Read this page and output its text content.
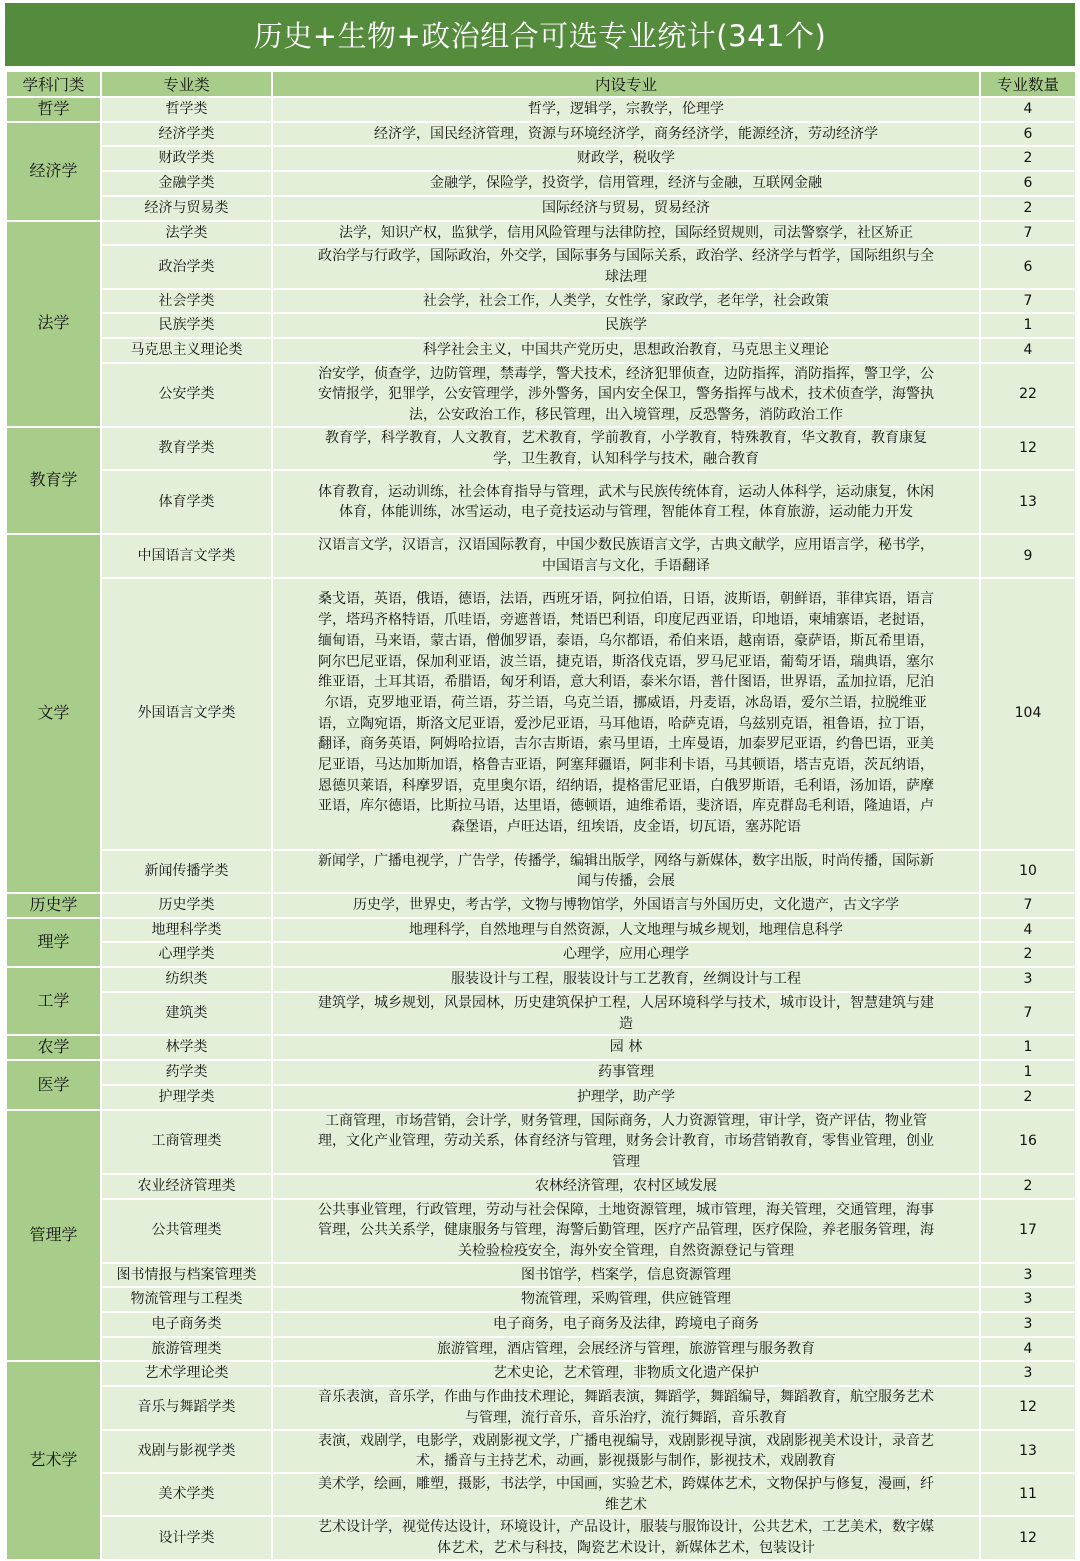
历史+生物+政治组合可选专业统计(341个)
学科门类	专业类	内设专业	专业数量
哲学	哲学类	哲学，逻辑学，宗教学，伦理学	4
经济学	经济学类	经济学，国民经济管理，资源与环境经济学，商务经济学，能源经济，劳动经济学	6
	财政学类	财政学，税收学	2
	金融学类	金融学，保险学，投资学，信用管理，经济与金融，互联网金融	6
	经济与贸易类	国际经济与贸易，贸易经济	2
法学	法学类	法学，知识产权，监狱学，信用风险管理与法律防控，国际经贸规则，司法警察学，社区矫正	7
	政治学类	政治学与行政学，国际政治，外交学，国际事务与国际关系，政治学、经济学与哲学，国际组织与全球法理	6
	社会学类	社会学，社会工作，人类学，女性学，家政学，老年学，社会政策	7
	民族学类	民族学	1
	马克思主义理论类	科学社会主义，中国共产党历史，思想政治教育，马克思主义理论	4
	公安学类	治安学，侦查学，边防管理，禁毒学，警犬技术，经济犯罪侦查，边防指挥，消防指挥，警卫学，公安情报学，犯罪学，公安管理学，涉外警务，国内安全保卫，警务指挥与战术，技术侦查学，海警执法，公安政治工作，移民管理，出入境管理，反恐警务，消防政治工作	22
教育学	教育学类	教育学，科学教育，人文教育，艺术教育，学前教育，小学教育，特殊教育，华文教育，教育康复学，卫生教育，认知科学与技术，融合教育	12
	体育学类	体育教育，运动训练，社会体育指导与管理，武术与民族传统体育，运动人体科学，运动康复，休闲体育，体能训练，冰雪运动，电子竞技运动与管理，智能体育工程，体育旅游，运动能力开发	13
文学	中国语言文学类	汉语言文学，汉语言，汉语国际教育，中国少数民族语言文学，古典文献学，应用语言学，秘书学，中国语言与文化，手语翻译	9
	外国语言文学类	桑戈语，英语，俄语，德语，法语，西班牙语，阿拉伯语，日语，波斯语，朝鲜语，菲律宾语，语言学，塔玛齐格特语，爪哇语，旁遮普语，梵语巴利语，印度尼西亚语，印地语，柬埔寨语，老挝语，缅甸语，马来语，蒙古语，僧伽罗语，泰语，乌尔都语，希伯来语，越南语，豪萨语，斯瓦希里语，阿尔巴尼亚语，保加利亚语，波兰语，捷克语，斯洛伐克语，罗马尼亚语，葡萄牙语，瑞典语，塞尔维亚语，土耳其语，希腊语，匈牙利语，意大利语，泰米尔语，普什图语，世界语，孟加拉语，尼泊尔语，克罗地亚语，荷兰语，芬兰语，乌克兰语，挪威语，丹麦语，冰岛语，爱尔兰语，拉脱维亚语，立陶宛语，斯洛文尼亚语，爱沙尼亚语，马耳他语，哈萨克语，乌兹别克语，祖鲁语，拉丁语，翻译，商务英语，阿姆哈拉语，吉尔吉斯语，索马里语，土库曼语，加泰罗尼亚语，约鲁巴语，亚美尼亚语，马达加斯加语，格鲁吉亚语，阿塞拜疆语，阿非利卡语，马其顿语，塔吉克语，茨瓦纳语，恩德贝莱语，科摩罗语，克里奥尔语，绍纳语，提格雷尼亚语，白俄罗斯语，毛利语，汤加语，萨摩亚语，库尔德语，比斯拉马语，达里语，德顿语，迪维希语，斐济语，库克群岛毛利语，隆迪语，卢森堡语，卢旺达语，纽埃语，皮金语，切瓦语，塞苏陀语	104
	新闻传播学类	新闻学，广播电视学，广告学，传播学，编辑出版学，网络与新媒体，数字出版，时尚传播，国际新闻与传播，会展	10
历史学	历史学类	历史学，世界史，考古学，文物与博物馆学，外国语言与外国历史，文化遗产，古文字学	7
理学	地理科学类	地理科学，自然地理与自然资源，人文地理与城乡规划，地理信息科学	4
	心理学类	心理学，应用心理学	2
工学	纺织类	服装设计与工程，服装设计与工艺教育，丝绸设计与工程	3
	建筑类	建筑学，城乡规划，风景园林，历史建筑保护工程，人居环境科学与技术，城市设计，智慧建筑与建造	7
农学	林学类	园 林	1
医学	药学类	药事管理	1
	护理学类	护理学，助产学	2
管理学	工商管理类	工商管理，市场营销，会计学，财务管理，国际商务，人力资源管理，审计学，资产评估，物业管理，文化产业管理，劳动关系，体育经济与管理，财务会计教育，市场营销教育，零售业管理，创业管理	16
	农业经济管理类	农林经济管理，农村区域发展	2
	公共管理类	公共事业管理，行政管理，劳动与社会保障，土地资源管理，城市管理，海关管理，交通管理，海事管理，公共关系学，健康服务与管理，海警后勤管理，医疗产品管理，医疗保险，养老服务管理，海关检验检疫安全，海外安全管理，自然资源登记与管理	17
	图书情报与档案管理类	图书馆学，档案学，信息资源管理	3
	物流管理与工程类	物流管理，采购管理，供应链管理	3
	电子商务类	电子商务，电子商务及法律，跨境电子商务	3
	旅游管理类	旅游管理，酒店管理，会展经济与管理，旅游管理与服务教育	4
艺术学	艺术学理论类	艺术史论，艺术管理，非物质文化遗产保护	3
	音乐与舞蹈学类	音乐表演，音乐学，作曲与作曲技术理论，舞蹈表演，舞蹈学，舞蹈编导，舞蹈教育，航空服务艺术与管理，流行音乐，音乐治疗，流行舞蹈，音乐教育	12
	戏剧与影视学类	表演，戏剧学，电影学，戏剧影视文学，广播电视编导，戏剧影视导演，戏剧影视美术设计，录音艺术，播音与主持艺术，动画，影视摄影与制作，影视技术，戏剧教育	13
	美术学类	美术学，绘画，雕塑，摄影，书法学，中国画，实验艺术，跨媒体艺术，文物保护与修复，漫画，纤维艺术	11
	设计学类	艺术设计学，视觉传达设计，环境设计，产品设计，服装与服饰设计，公共艺术，工艺美术，数字媒体艺术，艺术与科技，陶瓷艺术设计，新媒体艺术，包装设计	12
